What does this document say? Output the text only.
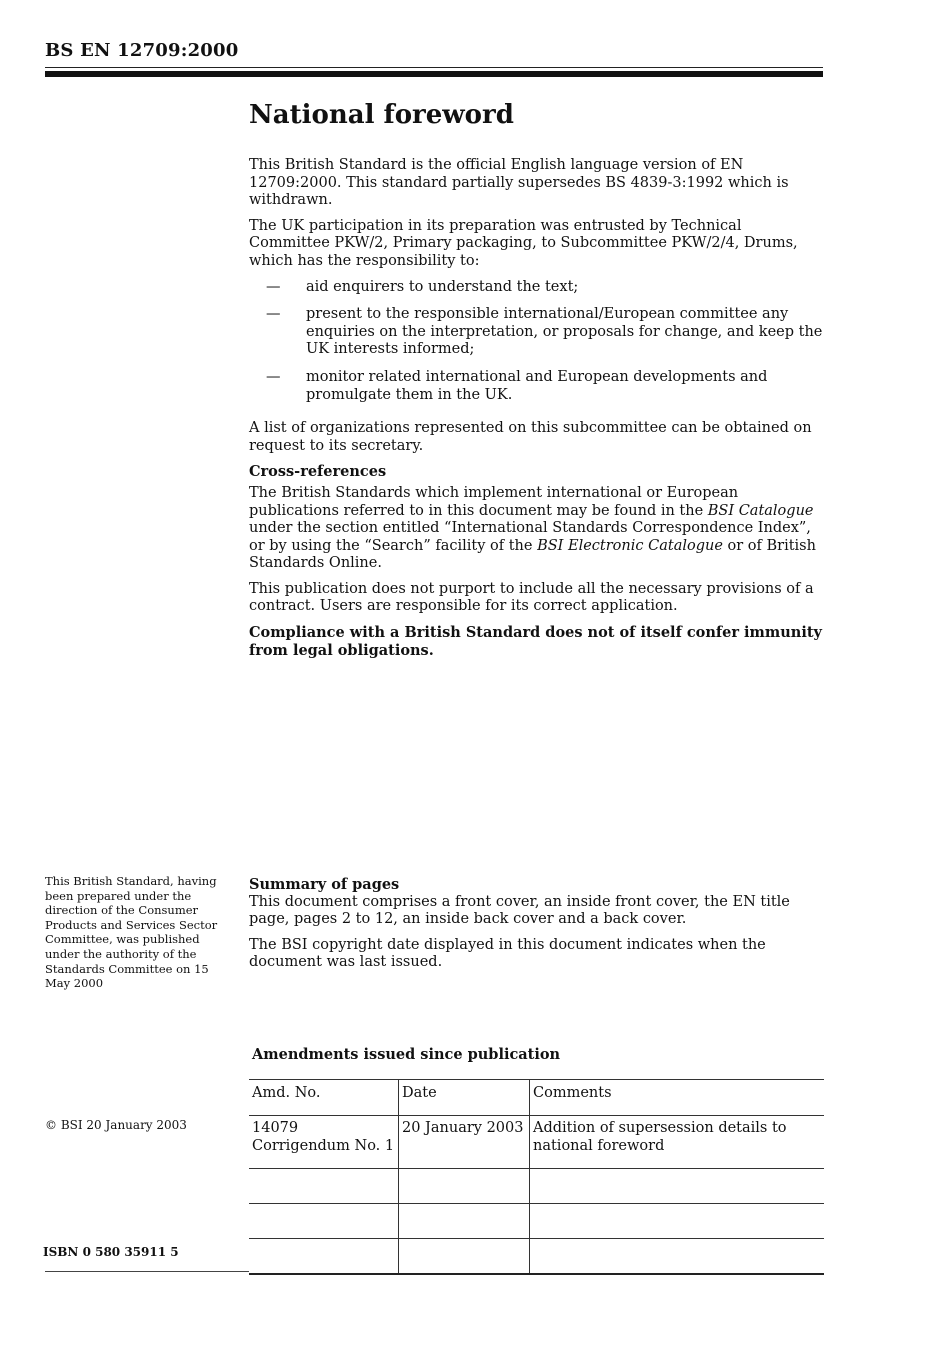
BS EN 12709:2000
National foreword

This British Standard is the official English language version of EN 12709:2000. This standard partially supersedes BS 4839-3:1992 which is withdrawn.

The UK participation in its preparation was entrusted by Technical Committee PKW/2, Primary packaging, to Subcommittee PKW/2/4, Drums, which has the responsibility to:

—	aid enquirers to understand the text;
—	present to the responsible international/European committee any enquiries on the interpretation, or proposals for change, and keep the UK interests informed;
—	monitor related international and European developments and promulgate them in the UK.

A list of organizations represented on this subcommittee can be obtained on request to its secretary.

Cross-references

The British Standards which implement international or European publications referred to in this document may be found in the BSI Catalogue under the section entitled “International Standards Correspondence Index”, or by using the “Search” facility of the BSI Electronic Catalogue or of British Standards Online.

This publication does not purport to include all the necessary provisions of a contract. Users are responsible for its correct application.

Compliance with a British Standard does not of itself confer immunity from legal obligations.

This British Standard, having been prepared under the direction of the Consumer Products and Services Sector Committee, was published under the authority of the Standards Committee on 15 May 2000

Summary of pages

This document comprises a front cover, an inside front cover, the EN title page, pages 2 to 12, an inside back cover and a back cover.

The BSI copyright date displayed in this document indicates when the document was last issued.

Amendments issued since publication
© BSI 20 January 2003
Amd. No.	Date	Comments

14079
Corrigendum No. 1	20 January 2003	Addition of supersession details to national foreword

ISBN 0 580 35911 5
